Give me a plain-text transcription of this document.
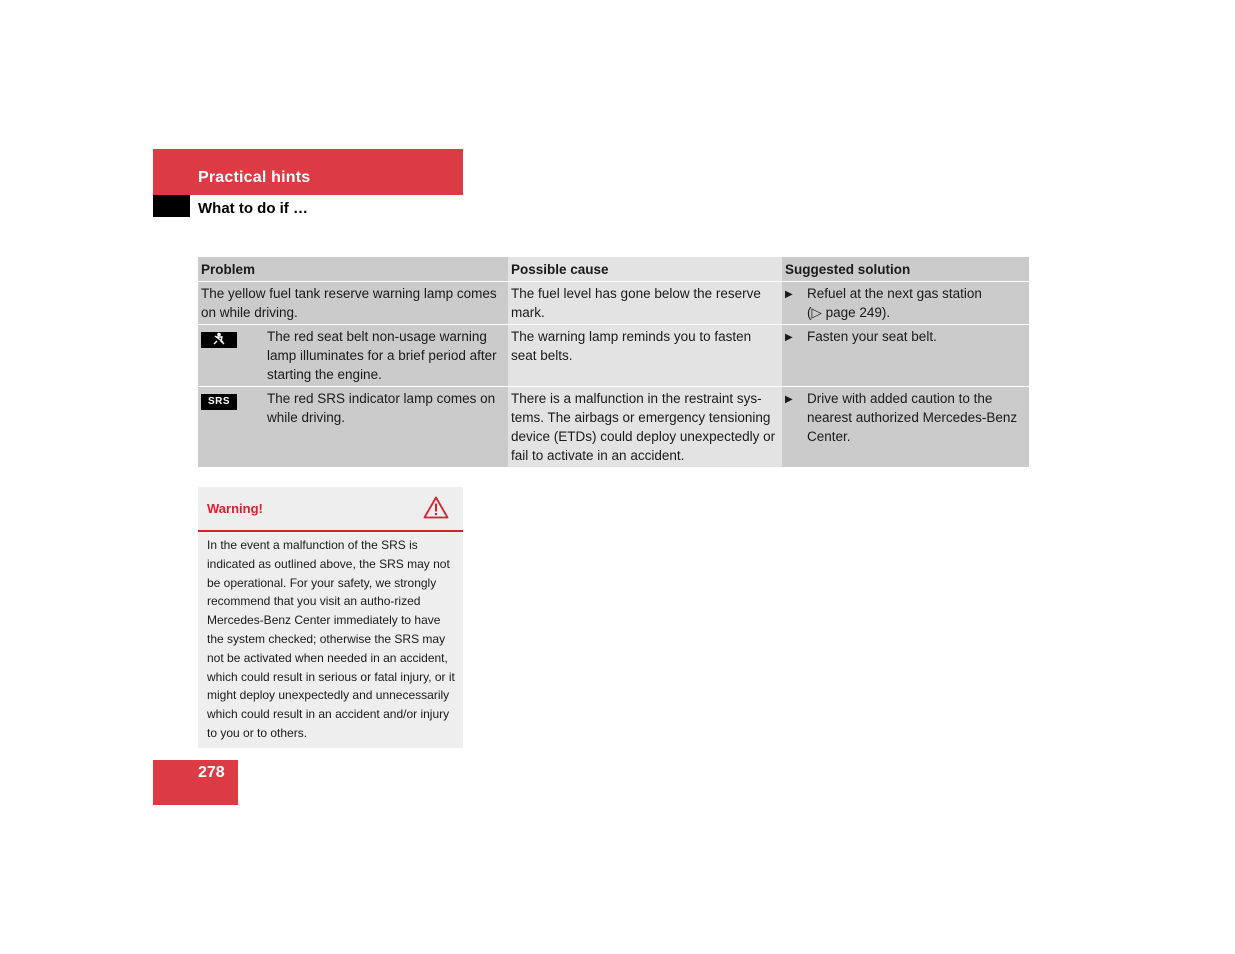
Practical hints
What to do if …
Problem	Possible cause	Suggested solution
The yellow fuel tank reserve warning lamp comes on while driving.	The fuel level has gone below the reserve mark.	▶ Refuel at the next gas station
(▷ page 249).

The red seat belt non-usage warning lamp illuminates for a brief period after starting the engine.	The warning lamp reminds you to fasten seat belts.	▶ Fasten your seat belt.

SRS The red SRS indicator lamp comes on while driving.	There is a malfunction in the restraint sys-tems. The airbags or emergency tensioning device (ETDs) could deploy unexpectedly or fail to activate in an accident.	▶ Drive with added caution to the nearest authorized Mercedes-Benz Center.
Warning!
In the event a malfunction of the SRS is indicated as outlined above, the SRS may not be operational. For your safety, we strongly recommend that you visit an autho-rized Mercedes-Benz Center immediately to have the system checked; otherwise the SRS may not be activated when needed in an accident, which could result in serious or fatal injury, or it might deploy unexpectedly and unnecessarily which could result in an accident and/or injury to you or to others.
278
